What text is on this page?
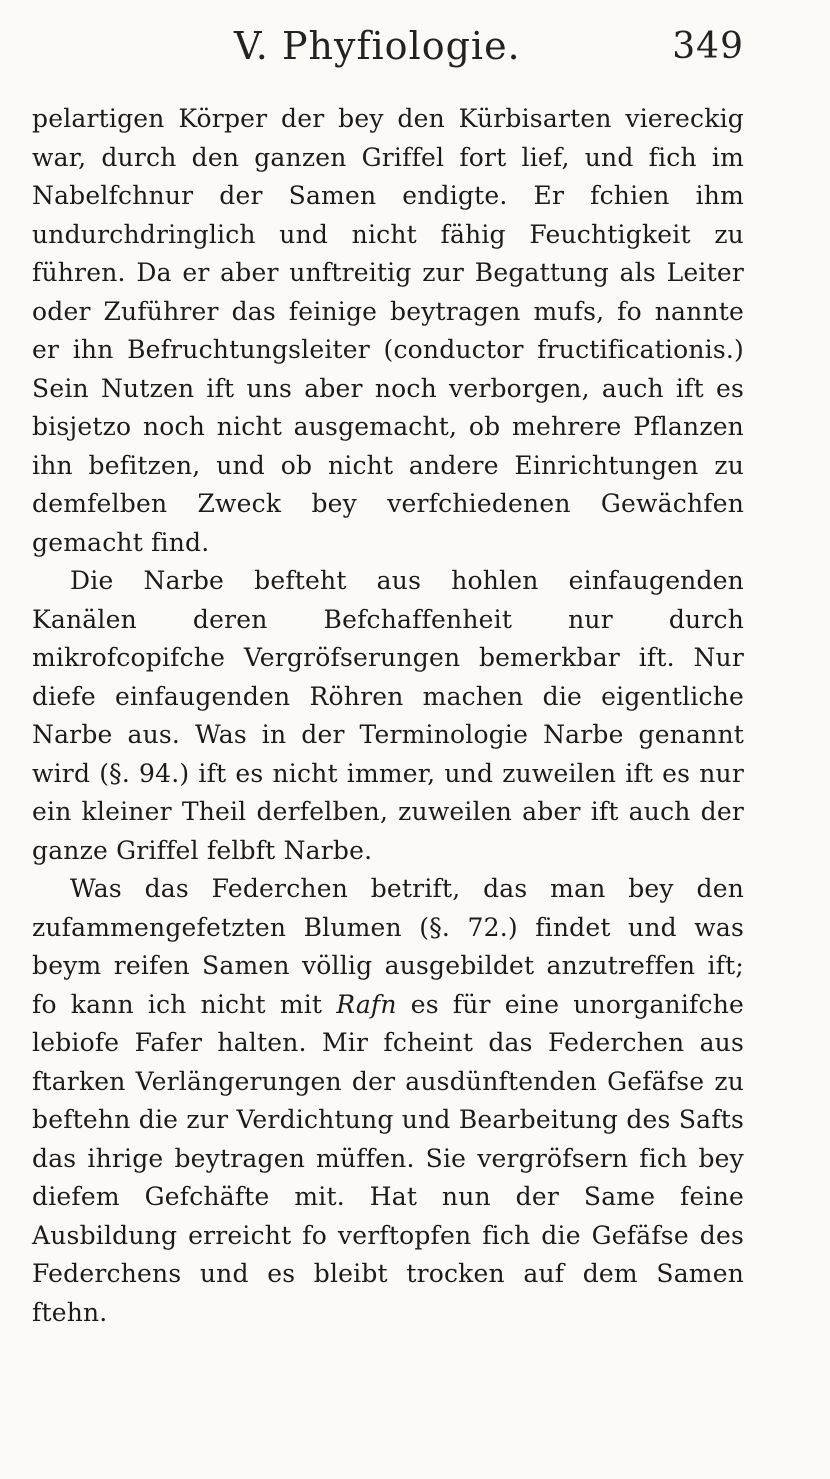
V. Phyfiologie.	349

pelartigen Körper der bey den Kürbisarten viereckig war, durch den ganzen Griffel fort lief, und fich im Nabelfchnur der Samen endigte. Er fchien ihm undurchdringlich und nicht fähig Feuchtigkeit zu führen. Da er aber unftreitig zur Begattung als Leiter oder Zuführer das feinige beytragen mufs, fo nannte er ihn Befruchtungsleiter (conductor fructificationis.) Sein Nutzen ift uns aber noch verborgen, auch ift es bisjetzo noch nicht ausgemacht, ob mehrere Pflanzen ihn befitzen, und ob nicht andere Einrichtungen zu demfelben Zweck bey verfchiedenen Gewächfen gemacht find.

Die Narbe befteht aus hohlen einfaugenden Kanälen deren Befchaffenheit nur durch mikrofcopifche Vergröfserungen bemerkbar ift. Nur diefe einfaugenden Röhren machen die eigentliche Narbe aus. Was in der Terminologie Narbe genannt wird (§. 94.) ift es nicht immer, und zuweilen ift es nur ein kleiner Theil derfelben, zuweilen aber ift auch der ganze Griffel felbft Narbe.

Was das Federchen betrift, das man bey den zufammengefetzten Blumen (§. 72.) findet und was beym reifen Samen völlig ausgebildet anzutreffen ift; fo kann ich nicht mit Rafn es für eine unorganifche lebiofe Fafer halten. Mir fcheint das Federchen aus ftarken Verlängerungen der ausdünftenden Gefäfse zu beftehn die zur Verdichtung und Bearbeitung des Safts das ihrige beytragen müffen. Sie vergröfsern fich bey diefem Gefchäfte mit. Hat nun der Same feine Ausbildung erreicht fo verftopfen fich die Gefäfse des Federchens und es bleibt trocken auf dem Samen ftehn.
